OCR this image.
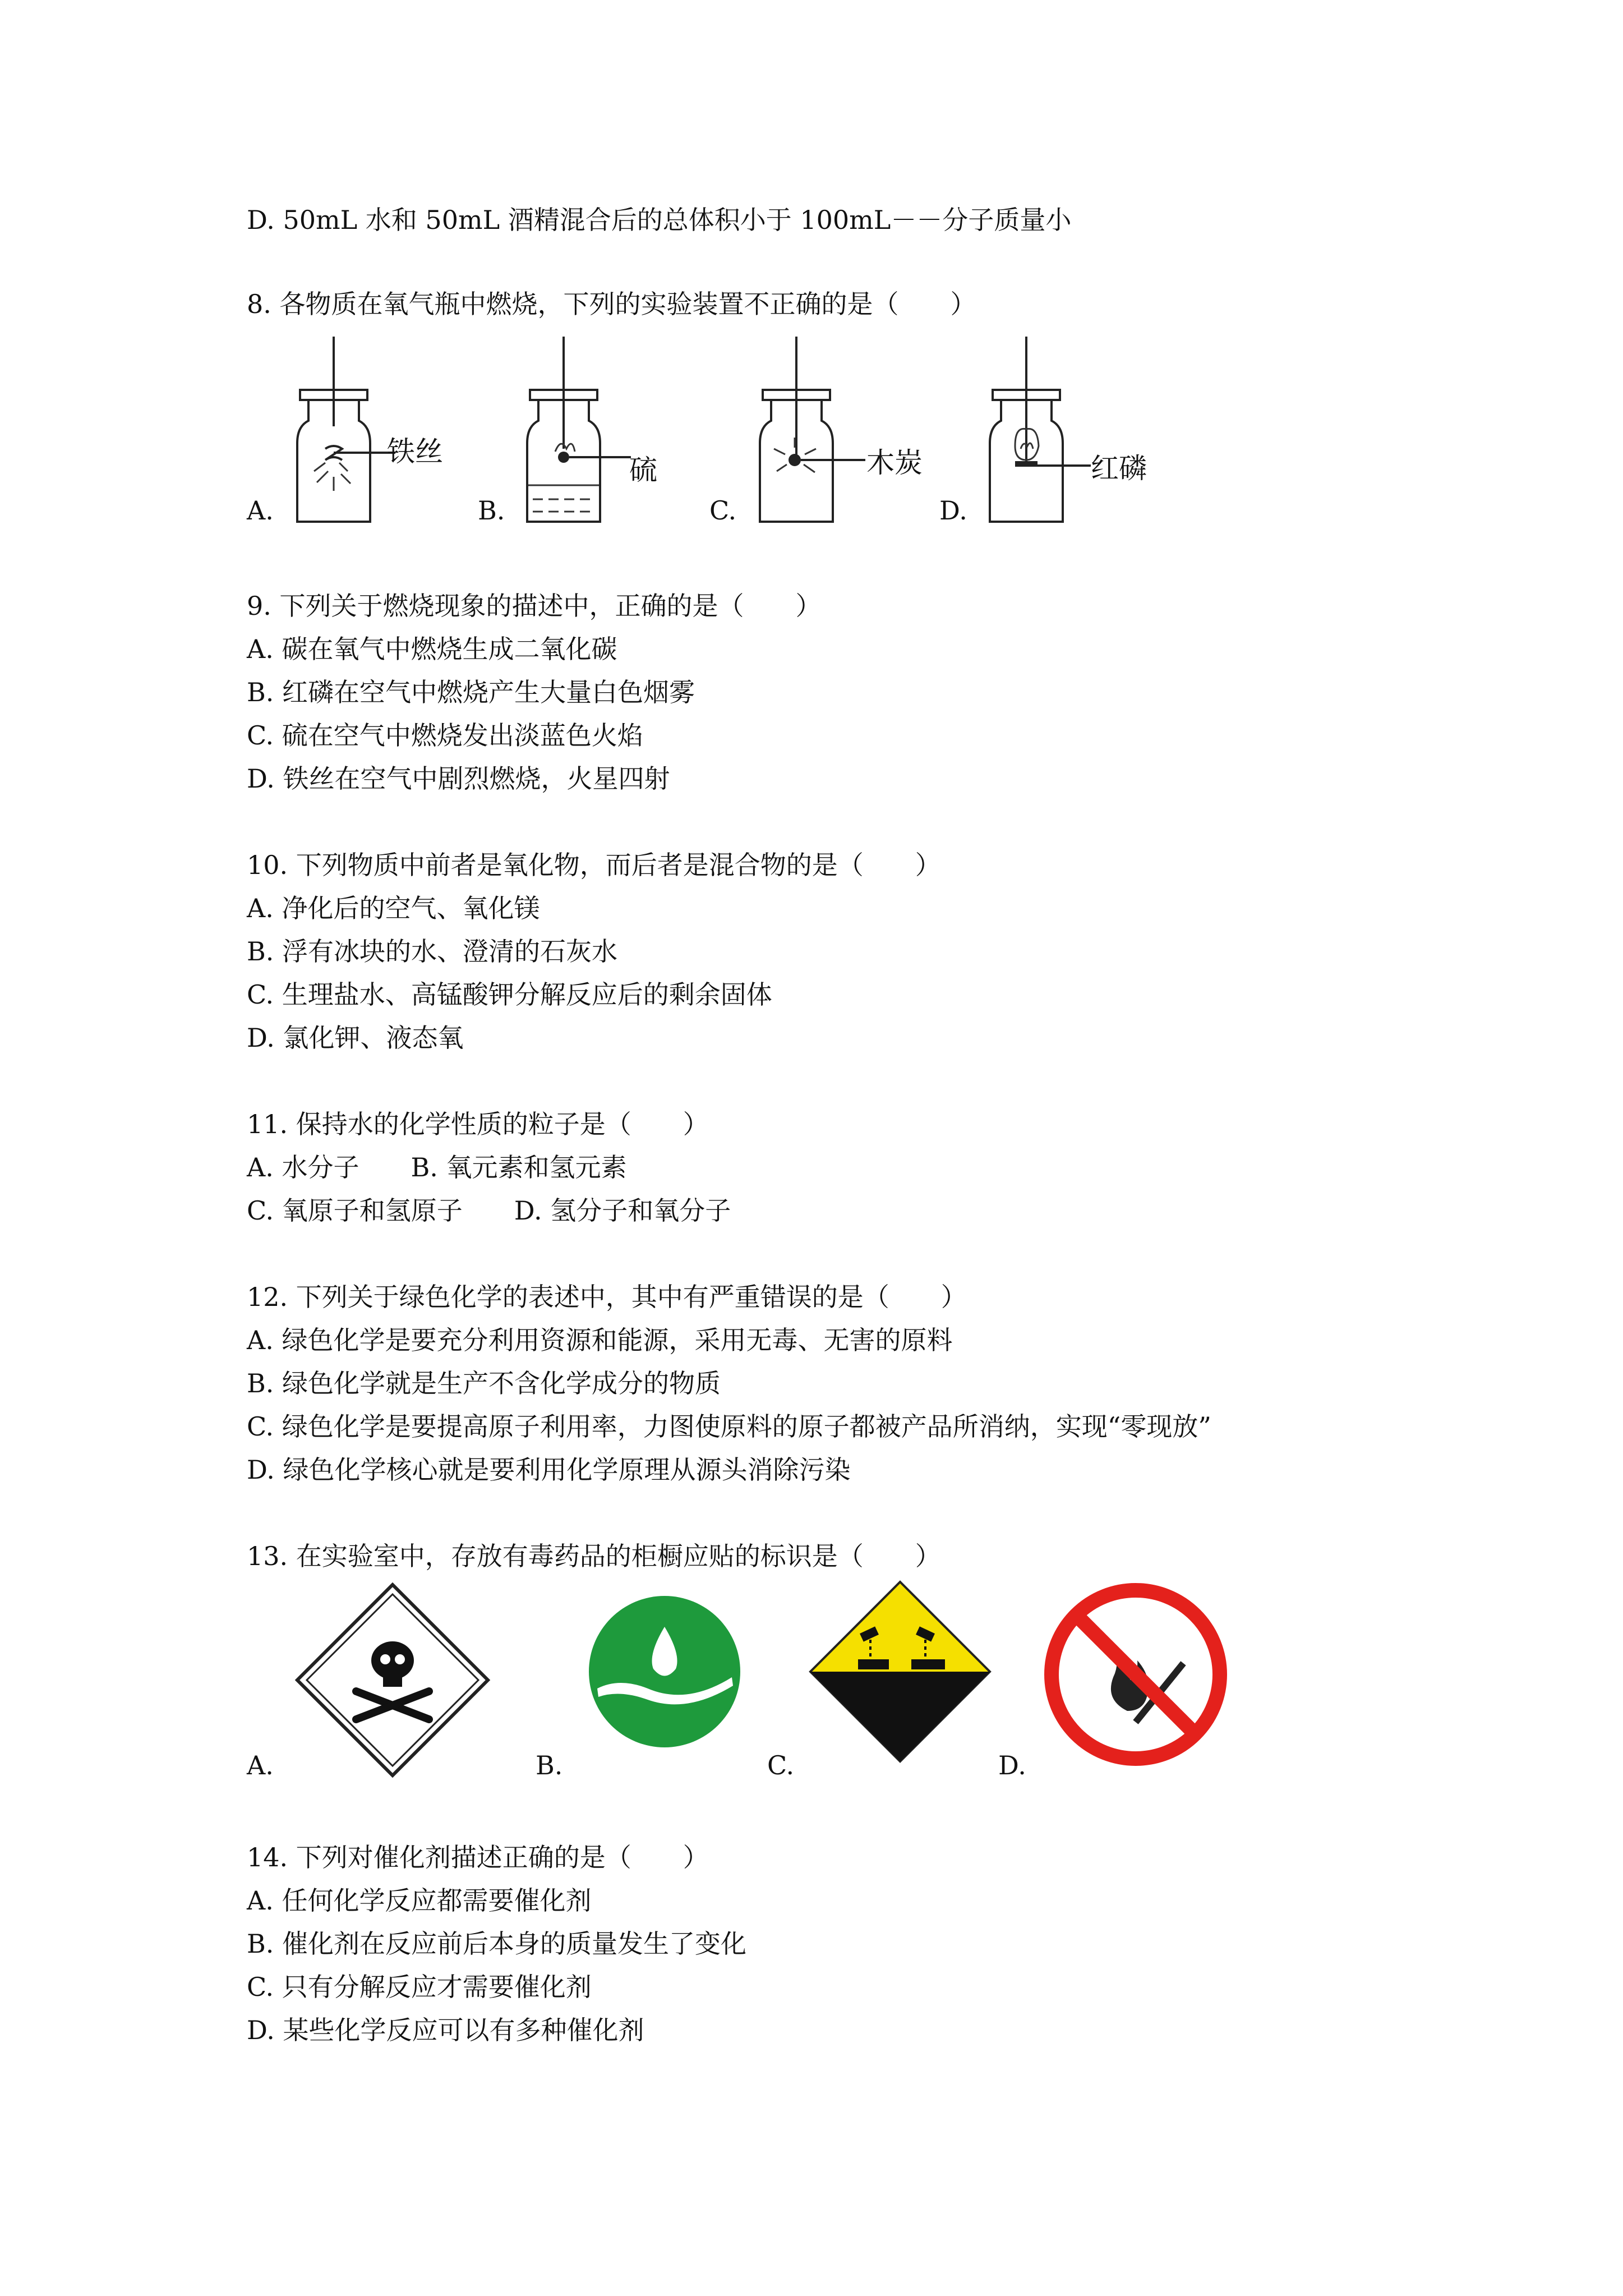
D. 50mL 水和 50mL 酒精混合后的总体积小于 100mL－－分子质量小
8. 各物质在氧气瓶中燃烧，下列的实验装置不正确的是（　　）
A.	B.	C.	D.
铁丝
硫	木炭	红磷
9. 下列关于燃烧现象的描述中，正确的是（　　）
A. 碳在氧气中燃烧生成二氧化碳
B. 红磷在空气中燃烧产生大量白色烟雾
C. 硫在空气中燃烧发出淡蓝色火焰
D. 铁丝在空气中剧烈燃烧，火星四射
10. 下列物质中前者是氧化物，而后者是混合物的是（　　）
A. 净化后的空气、氧化镁
B. 浮有冰块的水、澄清的石灰水
C. 生理盐水、高锰酸钾分解反应后的剩余固体
D. 氯化钾、液态氧
11. 保持水的化学性质的粒子是（　　）
A. 水分子　　B. 氧元素和氢元素
C. 氧原子和氢原子　　D. 氢分子和氧分子
12. 下列关于绿色化学的表述中，其中有严重错误的是（　　）
A. 绿色化学是要充分利用资源和能源，采用无毒、无害的原料
B. 绿色化学就是生产不含化学成分的物质
C. 绿色化学是要提高原子利用率，力图使原料的原子都被产品所消纳，实现“零现放”
D. 绿色化学核心就是要利用化学原理从源头消除污染
13. 在实验室中，存放有毒药品的柜橱应贴的标识是（　　）
A.	B.	C.	D.
14. 下列对催化剂描述正确的是（　　）
A. 任何化学反应都需要催化剂
B. 催化剂在反应前后本身的质量发生了变化
C. 只有分解反应才需要催化剂
D. 某些化学反应可以有多种催化剂
